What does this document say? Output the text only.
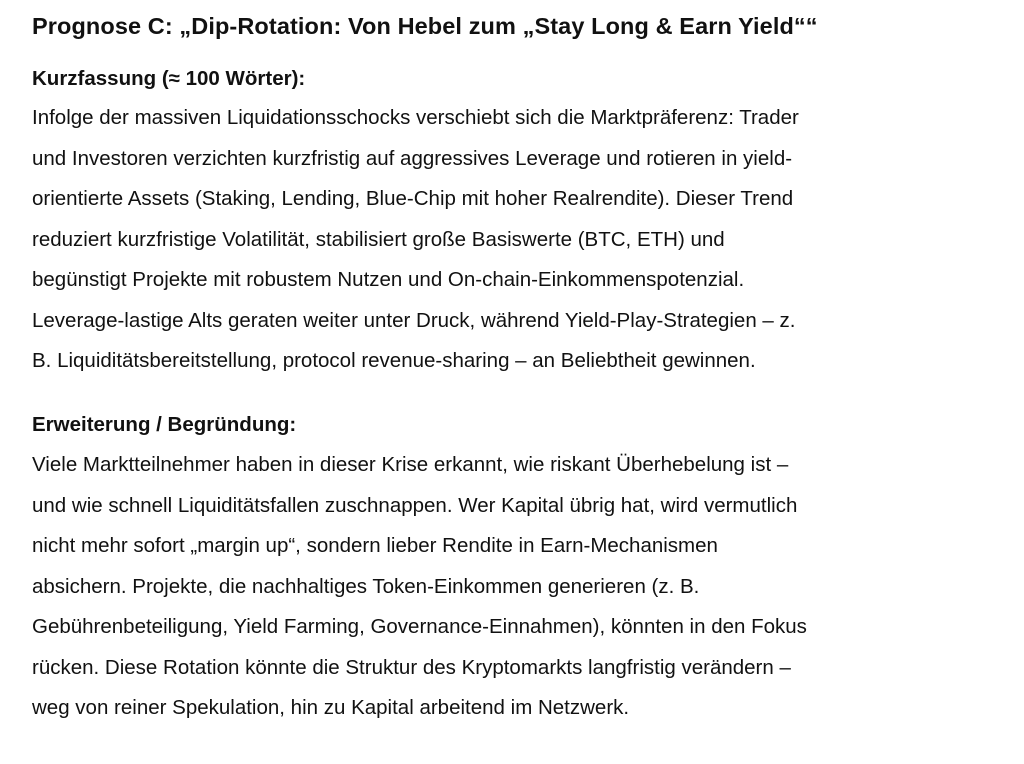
Prognose C: „Dip-Rotation: Von Hebel zum „Stay Long & Earn Yield““
Kurzfassung (≈ 100 Wörter):

Infolge der massiven Liquidationsschocks verschiebt sich die Marktpräferenz: Trader
und Investoren verzichten kurzfristig auf aggressives Leverage und rotieren in yield-
orientierte Assets (Staking, Lending, Blue-Chip mit hoher Realrendite). Dieser Trend
reduziert kurzfristige Volatilität, stabilisiert große Basiswerte (BTC, ETH) und
begünstigt Projekte mit robustem Nutzen und On-chain-Einkommenspotenzial.
Leverage-lastige Alts geraten weiter unter Druck, während Yield-Play-Strategien – z.
B. Liquiditätsbereitstellung, protocol revenue-sharing – an Beliebtheit gewinnen.

Erweiterung / Begründung:

Viele Marktteilnehmer haben in dieser Krise erkannt, wie riskant Überhebelung ist –
und wie schnell Liquiditätsfallen zuschnappen. Wer Kapital übrig hat, wird vermutlich
nicht mehr sofort „margin up“, sondern lieber Rendite in Earn-Mechanismen
absichern. Projekte, die nachhaltiges Token-Einkommen generieren (z. B.
Gebührenbeteiligung, Yield Farming, Governance-Einnahmen), könnten in den Fokus
rücken. Diese Rotation könnte die Struktur des Kryptomarkts langfristig verändern –
weg von reiner Spekulation, hin zu Kapital arbeitend im Netzwerk.
